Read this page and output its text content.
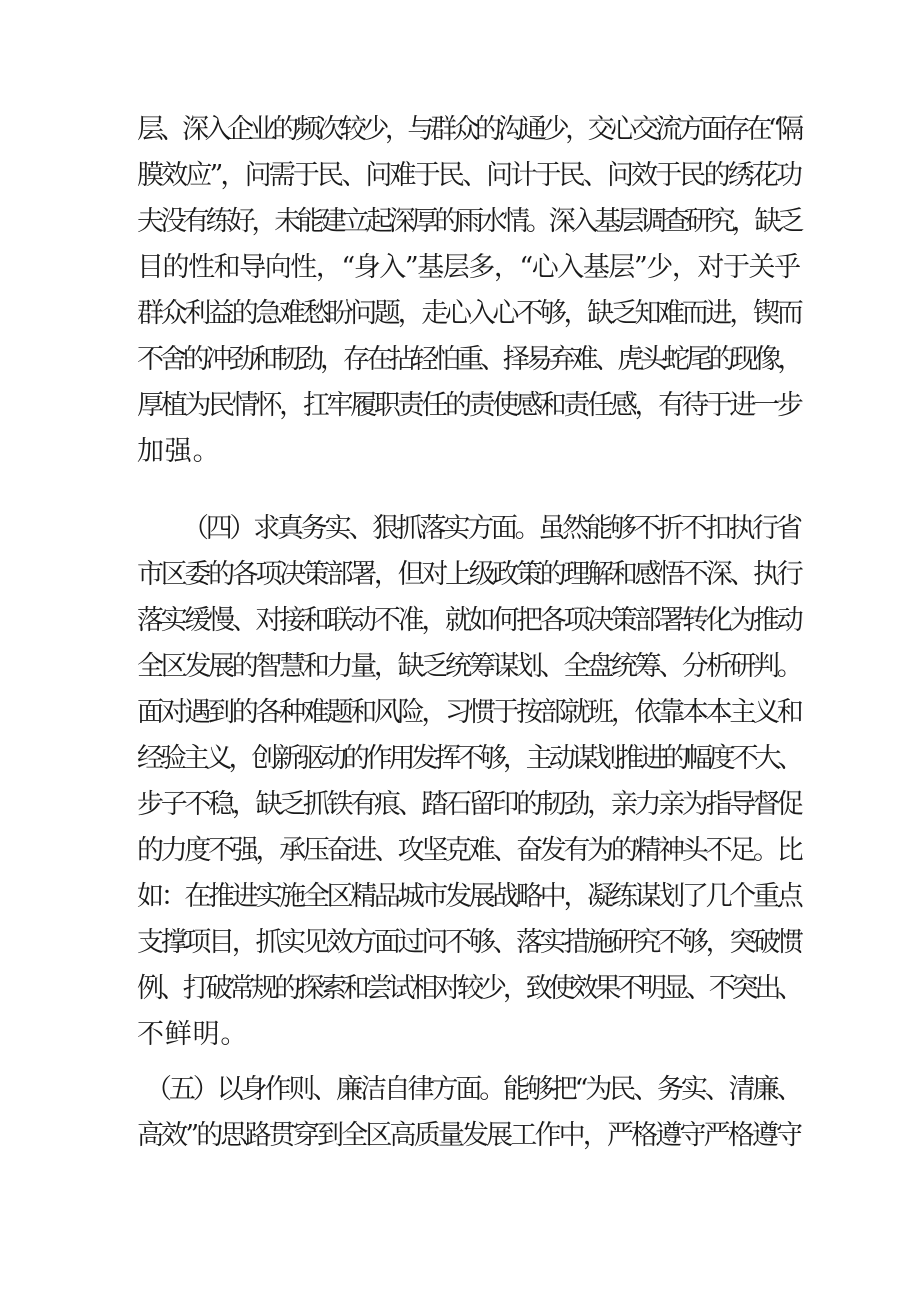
层、深入企业的频次较少，与群众的沟通少，交心交流方面存在“隔
膜效应”，问需于民、问难于民、问计于民、问效于民的绣花功
夫没有练好，未能建立起深厚的雨水情。深入基层调查研究，缺乏
目的性和导向性，“身入”基层多，“心入基层”少，对于关乎
群众利益的急难愁盼问题，走心入心不够，缺乏知难而进，锲而
不舍的冲劲和韧劲，存在拈轻怕重、择易弃难、虎头蛇尾的现像，
厚植为民情怀，扛牢履职责任的责使感和责任感，有待于进一步
加强。
（四）求真务实、狠抓落实方面。虽然能够不折不扣执行省
市区委的各项决策部署，但对上级政策的理解和感悟不深、执行
落实缓慢、对接和联动不准，就如何把各项决策部署转化为推动
全区发展的智慧和力量，缺乏统筹谋划、全盘统筹、分析研判。
面对遇到的各种难题和风险，习惯于按部就班，依靠本本主义和
经验主义，创新驱动的作用发挥不够，主动谋划推进的幅度不大、
步子不稳，缺乏抓铁有痕、踏石留印的韧劲，亲力亲为指导督促
的力度不强，承压奋进、攻坚克难、奋发有为的精神头不足。比
如：在推进实施全区精品城市发展战略中，凝练谋划了几个重点
支撑项目，抓实见效方面过问不够、落实措施研究不够，突破惯
例、打破常规的探索和尝试相对较少，致使效果不明显、不突出、
不鲜明。
（五）以身作则、廉洁自律方面。能够把“为民、务实、清廉、
高效”的思路贯穿到全区高质量发展工作中，严格遵守严格遵守
